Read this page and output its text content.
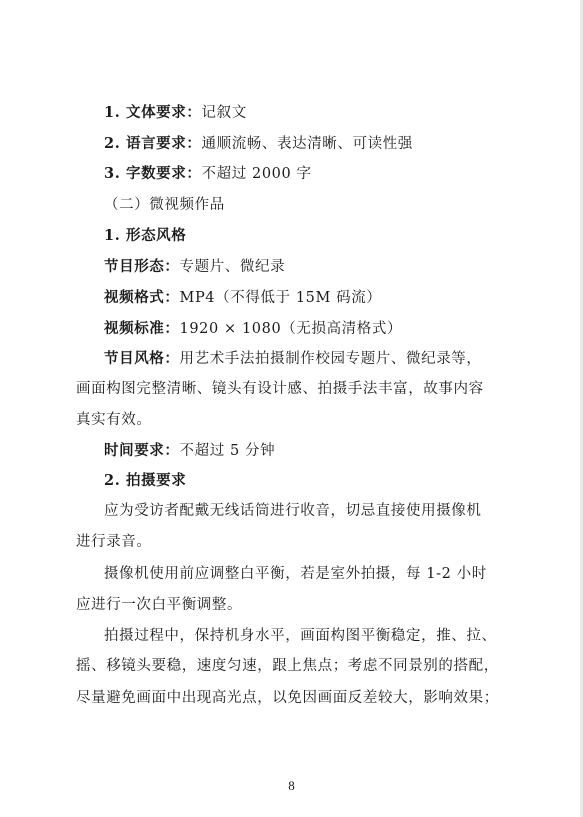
1. 文体要求：记叙文
2. 语言要求：通顺流畅、表达清晰、可读性强
3. 字数要求：不超过 2000 字
（二）微视频作品
1. 形态风格
节目形态：专题片、微纪录
视频格式：MP4（不得低于 15M 码流）
视频标准：1920 × 1080（无损高清格式）
节目风格：用艺术手法拍摄制作校园专题片、微纪录等，
画面构图完整清晰、镜头有设计感、拍摄手法丰富，故事内容
真实有效。
时间要求：不超过 5 分钟
2. 拍摄要求
应为受访者配戴无线话筒进行收音，切忌直接使用摄像机
进行录音。
摄像机使用前应调整白平衡，若是室外拍摄，每 1-2 小时
应进行一次白平衡调整。
拍摄过程中，保持机身水平，画面构图平衡稳定，推、拉、
摇、移镜头要稳，速度匀速，跟上焦点；考虑不同景别的搭配，
尽量避免画面中出现高光点，以免因画面反差较大，影响效果；
8
